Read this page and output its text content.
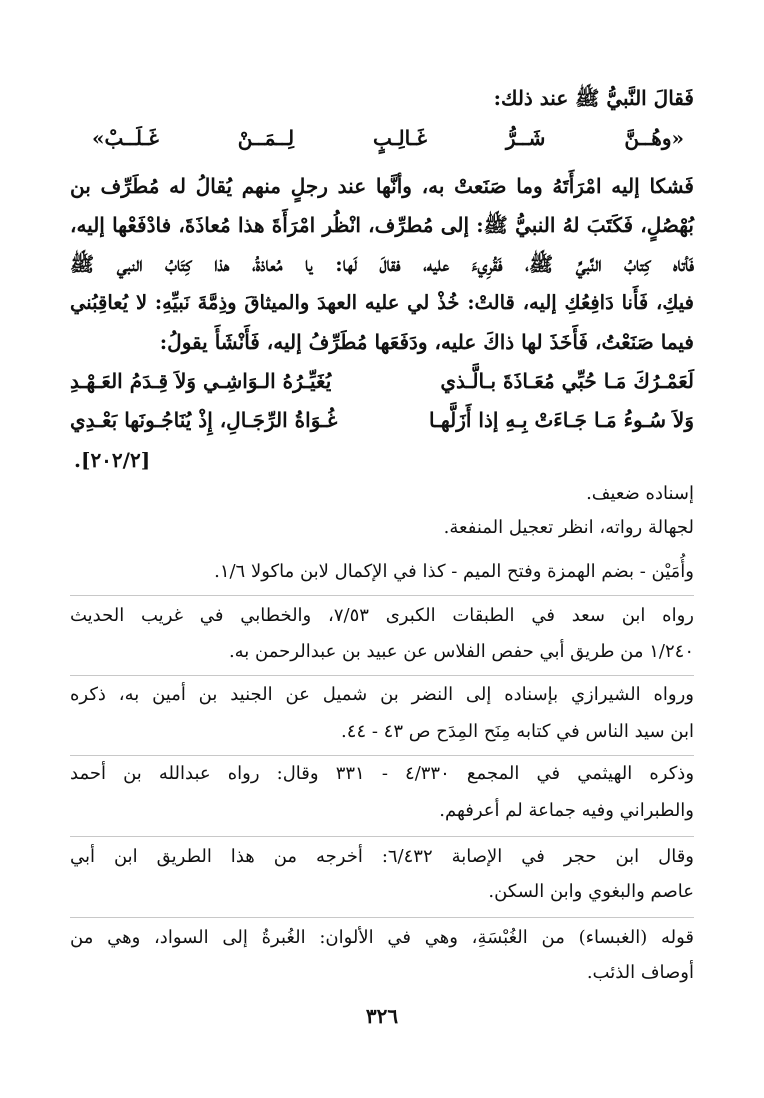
فَقالَ النَّبيُّ ﷺ عند ذلك:
«وهُــنَّ شَــرُّ غَـالِـبٍ لِــمَــنْ غَـلَــبْ»
فَشكا إليه امْرَأَتَهُ وما صَنَعتْ به، وأنَّها عند رجلٍ منهم يُقالُ له مُطَرِّف بن
بُهْصُلٍ، فَكَتَبَ لهُ النبيُّ ﷺ: إلى مُطرِّف، انْظُر امْرَأَةَ هذا مُعاذَةَ، فادْفَعْها إليه،
فَأتاه كِتابُ النَّبيِّ ﷺ، فَقُرِيءَ عليه، فقالَ لَها: يا مُعاذةُ، هذا كِتَابُ النبي ﷺ
فيكِ، فَأَنا دَافِعُكِ إليه، قالتْ: خُذْ لي عليه العهدَ والميثاقَ وذِمَّةَ نَبيِّهِ: لا يُعاقِبُني
فيما صَنَعْتُ، فَأَخَذَ لها ذاكَ عليه، ودَفَعَها مُطَرِّفُ إليه، فَأَنْشَأَ يقولُ:
لَعَمْـرُكَ مَـا حُبِّي مُعَـاذَةَ بـالَّـذي
يُغَيِّـرُهُ الـوَاشِـي وَلاَ قِـدَمُ العَـهْـدِ
وَلاَ سُـوءُ مَـا جَـاءَتْ بِـهِ إذا أَزَلَّهـا
غُـوَاةُ الرِّجَـالِ، إِذْ يُنَاجُـونَها بَعْـدِي
[٢٠٢/٢].
إسناده ضعيف.
لجهالة رواته، انظر تعجيل المنفعة.
وأُمَيْن - بضم الهمزة وفتح الميم - كذا في الإكمال لابن ماكولا ١/٦.
رواه ابن سعد في الطبقات الكبرى ٧/٥٣، والخطابي في غريب الحديث
١/٢٤٠ من طريق أبي حفص الفلاس عن عبيد بن عبدالرحمن به.
ورواه الشيرازي بإسناده إلى النضر بن شميل عن الجنيد بن أمين به، ذكره
ابن سيد الناس في كتابه مِنَح المِدَح ص ٤٣ - ٤٤.
وذكره الهيثمي في المجمع ٤/٣٣٠ - ٣٣١ وقال: رواه عبدالله بن أحمد
والطبراني وفيه جماعة لم أعرفهم.
وقال ابن حجر في الإصابة ٦/٤٣٢: أخرجه من هذا الطريق ابن أبي
عاصم والبغوي وابن السكن.
قوله (الغبساء) من الغُبْسَةِ، وهي في الألوان: الغُبرةُ إلى السواد، وهي من
أوصاف الذئب.
٣٢٦
